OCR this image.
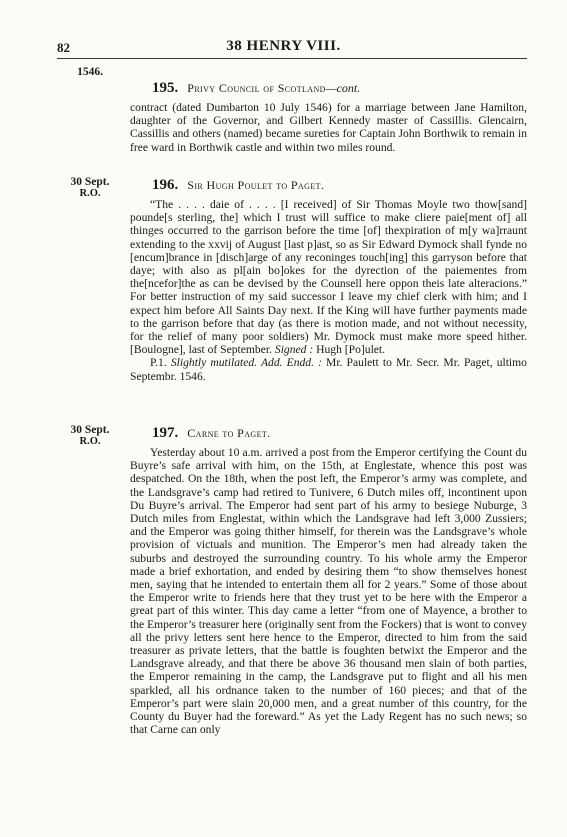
82	38 HENRY VIII.
1546.
195. Privy Council of Scotland—cont.

contract (dated Dumbarton 10 July 1546) for a marriage between Jane Hamilton, daughter of the Governor, and Gilbert Kennedy master of Cassillis. Glencairn, Cassillis and others (named) became sureties for Captain John Borthwik to remain in free ward in Borthwik castle and within two miles round.

30 Sept.
R.O.
196. Sir Hugh Poulet to Paget.

“The . . . . daie of . . . . [I received] of Sir Thomas Moyle two thow[sand] pounde[s sterling, the] which I trust will suffice to make cliere paie[ment of] all thinges occurred to the garrison before the time [of] thexpiration of m[y wa]rraunt extending to the xxvij of August [last p]ast, so as Sir Edward Dymock shall fynde no [encum]brance in [disch]arge of any reconinges touch[ing] this garryson before that daye; with also as pl[ain bo]okes for the dyrection of the paiementes from the[ncefor]the as can be devised by the Counsell here oppon theis late alteracions.” For better instruction of my said successor I leave my chief clerk with him; and I expect him before All Saints Day next. If the King will have further payments made to the garrison before that day (as there is motion made, and not without necessity, for the relief of many poor soldiers) Mr. Dymock must make more speed hither. [Boulogne], last of September. Signed : Hugh [Po]ulet.

P.1. Slightly mutilated. Add. Endd. : Mr. Paulett to Mr. Secr. Mr. Paget, ultimo Septembr. 1546.

30 Sept.
R.O.
197. Carne to Paget.

Yesterday about 10 a.m. arrived a post from the Emperor certifying the Count du Buyre’s safe arrival with him, on the 15th, at Englestate, whence this post was despatched. On the 18th, when the post left, the Emperor’s army was complete, and the Landsgrave’s camp had retired to Tunivere, 6 Dutch miles off, incontinent upon Du Buyre’s arrival. The Emperor had sent part of his army to besiege Nuburge, 3 Dutch miles from Englestat, within which the Landsgrave had left 3,000 Zussiers; and the Emperor was going thither himself, for therein was the Landsgrave’s whole provision of victuals and munition. The Emperor’s men had already taken the suburbs and destroyed the surrounding country. To his whole army the Emperor made a brief exhortation, and ended by desiring them “to show themselves honest men, saying that he intended to entertain them all for 2 years.” Some of those about the Emperor write to friends here that they trust yet to be here with the Emperor a great part of this winter. This day came a letter “from one of Mayence, a brother to the Emperor’s treasurer here (originally sent from the Fockers) that is wont to convey all the privy letters sent here hence to the Emperor, directed to him from the said treasurer as private letters, that the battle is foughten betwixt the Emperor and the Landsgrave already, and that there be above 36 thousand men slain of both parties, the Emperor remaining in the camp, the Landsgrave put to flight and all his men sparkled, all his ordnance taken to the number of 160 pieces; and that of the Emperor’s part were slain 20,000 men, and a great number of this country, for the County du Buyer had the foreward.” As yet the Lady Regent has no such news; so that Carne can only
